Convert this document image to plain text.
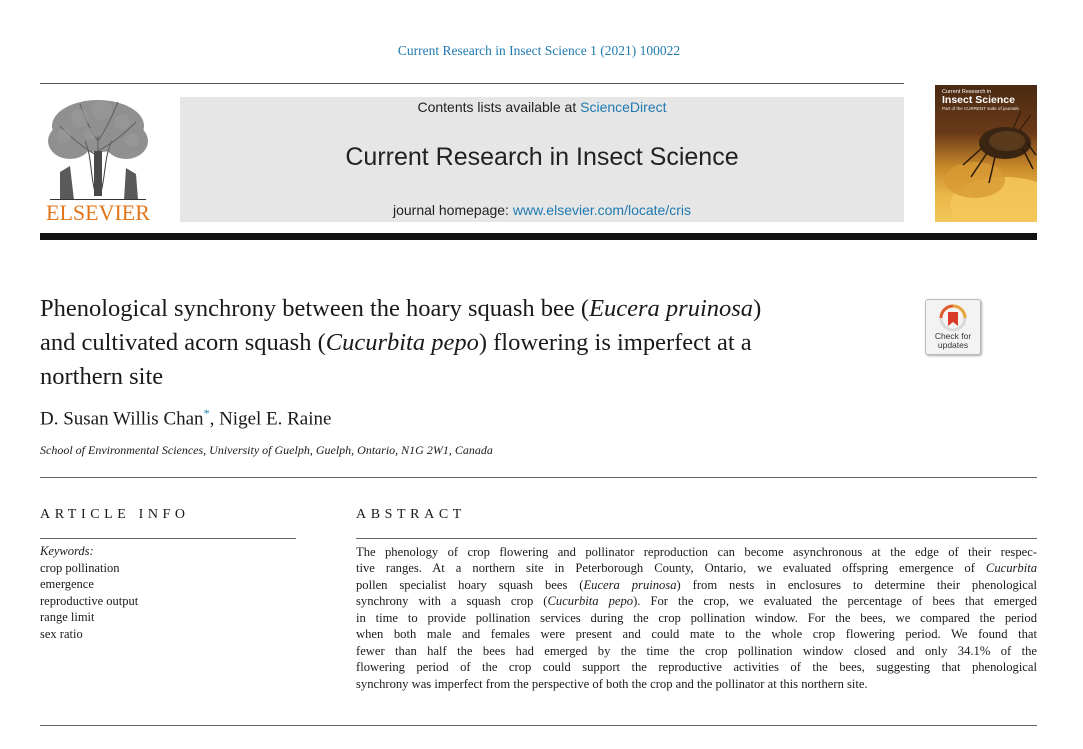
Current Research in Insect Science 1 (2021) 100022
ELSEVIER
Contents lists available at ScienceDirect
Current Research in Insect Science
journal homepage: www.elsevier.com/locate/cris
Current Research in
Insect Science
Part of the CURRENT suite of journals
Phenological synchrony between the hoary squash bee (Eucera pruinosa)
and cultivated acorn squash (Cucurbita pepo) flowering is imperfect at a
northern site
Check for
updates
D. Susan Willis Chan*, Nigel E. Raine
School of Environmental Sciences, University of Guelph, Guelph, Ontario, N1G 2W1, Canada
ARTICLE INFO	ABSTRACT
Keywords:
crop pollination
emergence
reproductive output
range limit
sex ratio
The phenology of crop flowering and pollinator reproduction can become asynchronous at the edge of their respec-
tive ranges. At a northern site in Peterborough County, Ontario, we evaluated offspring emergence of Cucurbita
pollen specialist hoary squash bees (Eucera pruinosa) from nests in enclosures to determine their phenological
synchrony with a squash crop (Cucurbita pepo). For the crop, we evaluated the percentage of bees that emerged
in time to provide pollination services during the crop pollination window. For the bees, we compared the period
when both male and females were present and could mate to the whole crop flowering period. We found that
fewer than half the bees had emerged by the time the crop pollination window closed and only 34.1% of the
flowering period of the crop could support the reproductive activities of the bees, suggesting that phenological
synchrony was imperfect from the perspective of both the crop and the pollinator at this northern site.
